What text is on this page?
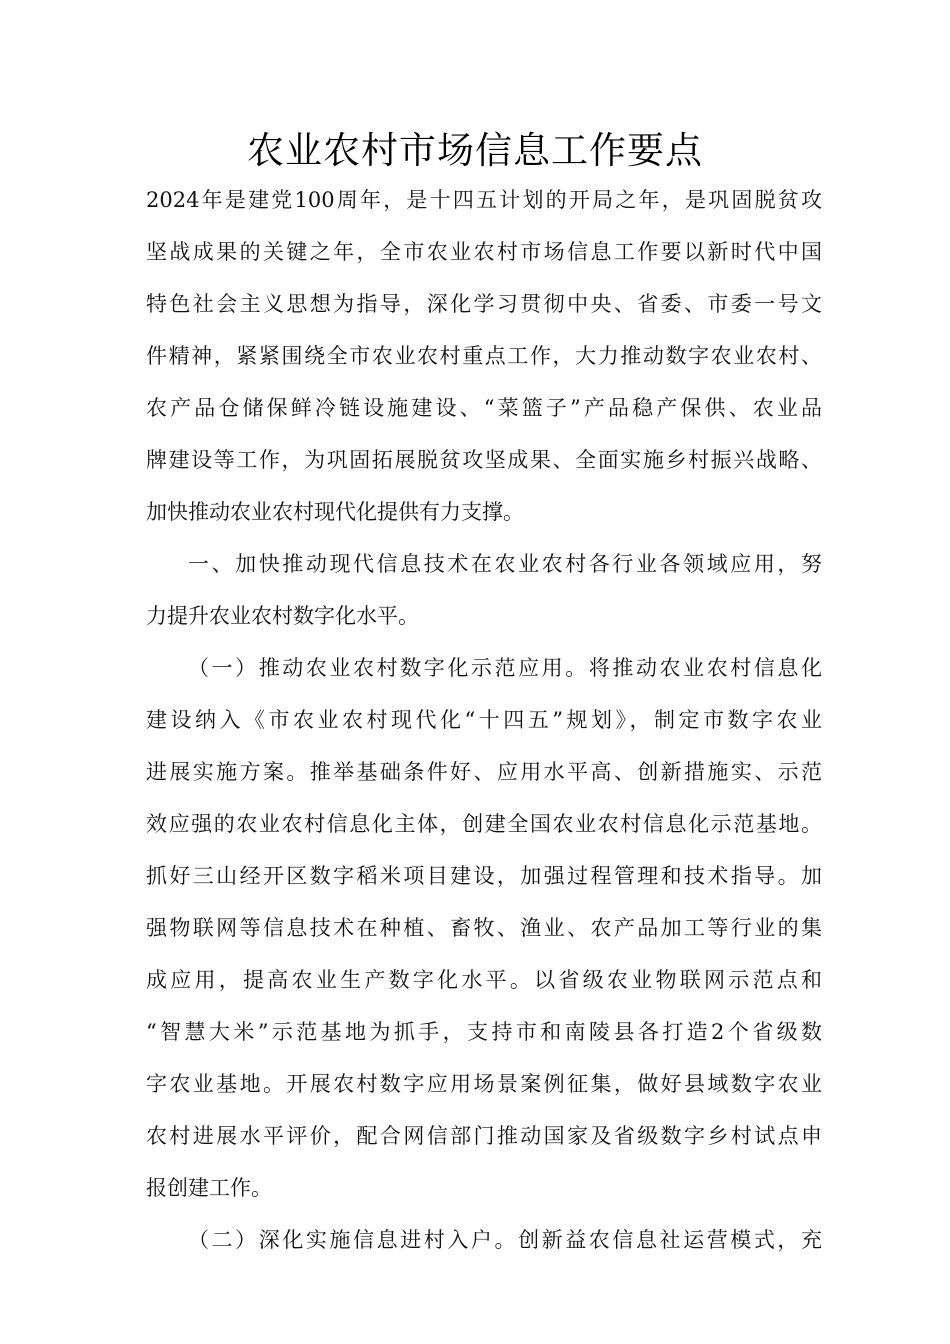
农业农村市场信息工作要点

2024年是建党100周年，是十四五计划的开局之年，是巩固脱贫攻
坚战成果的关键之年，全市农业农村市场信息工作要以新时代中国
特色社会主义思想为指导，深化学习贯彻中央、省委、市委一号文
件精神，紧紧围绕全市农业农村重点工作，大力推动数字农业农村、
农产品仓储保鲜冷链设施建设、“菜篮子”产品稳产保供、农业品
牌建设等工作，为巩固拓展脱贫攻坚成果、全面实施乡村振兴战略、
加快推动农业农村现代化提供有力支撑。

一、加快推动现代信息技术在农业农村各行业各领域应用，努
力提升农业农村数字化水平。

（一）推动农业农村数字化示范应用。将推动农业农村信息化
建设纳入《市农业农村现代化“十四五”规划》，制定市数字农业
进展实施方案。推举基础条件好、应用水平高、创新措施实、示范
效应强的农业农村信息化主体，创建全国农业农村信息化示范基地。
抓好三山经开区数字稻米项目建设，加强过程管理和技术指导。加
强物联网等信息技术在种植、畜牧、渔业、农产品加工等行业的集
成应用，提高农业生产数字化水平。以省级农业物联网示范点和
“智慧大米”示范基地为抓手，支持市和南陵县各打造2个省级数
字农业基地。开展农村数字应用场景案例征集，做好县域数字农业
农村进展水平评价，配合网信部门推动国家及省级数字乡村试点申
报创建工作。

（二）深化实施信息进村入户。创新益农信息社运营模式，充
